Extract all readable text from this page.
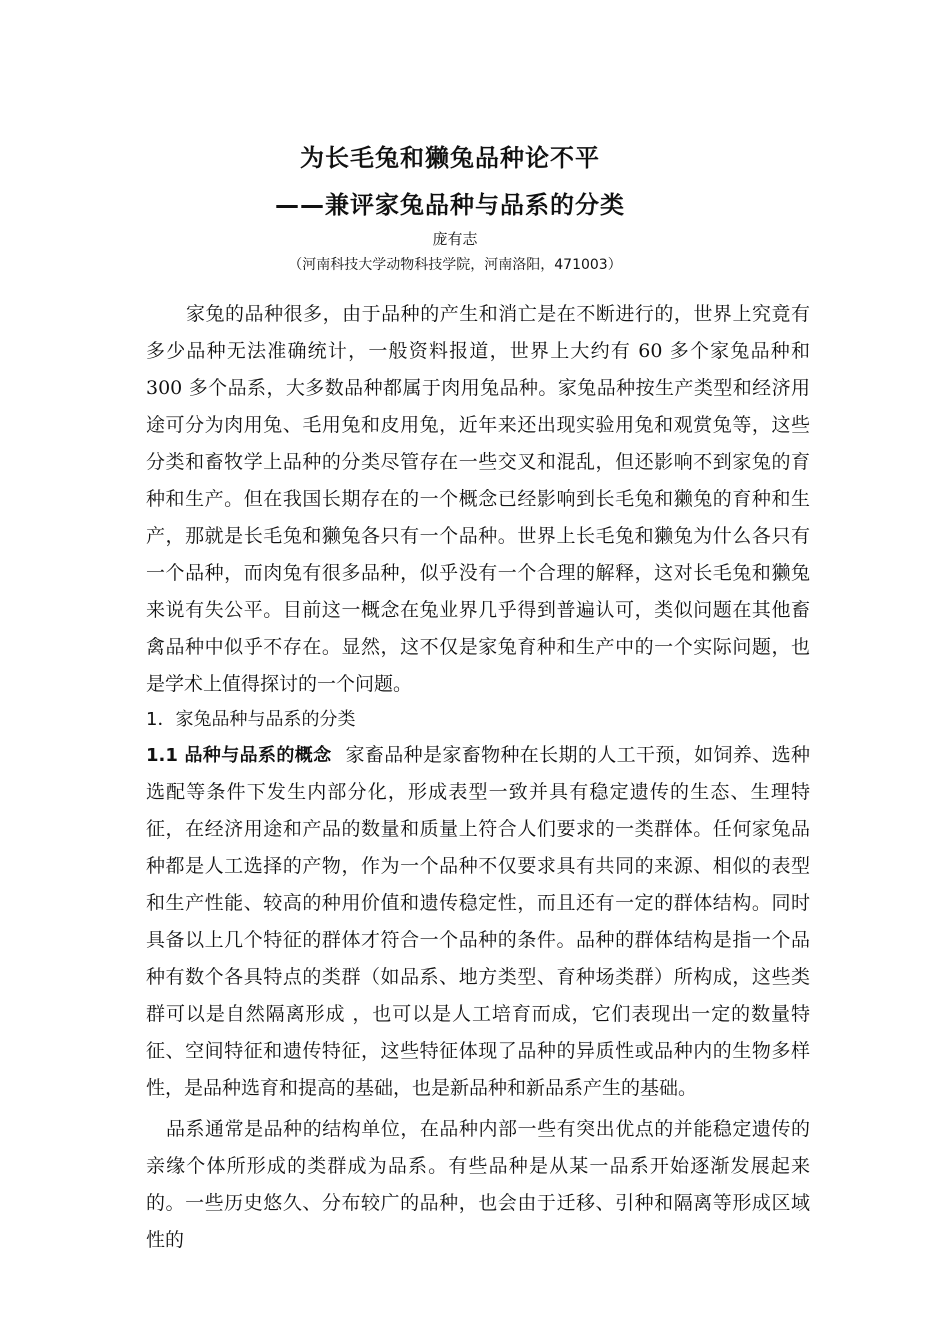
为长毛兔和獭兔品种论不平
——兼评家兔品种与品系的分类
庞有志
（河南科技大学动物科技学院，河南洛阳，471003）

家兔的品种很多，由于品种的产生和消亡是在不断进行的，世界上究竟有多少品种无法准确统计，一般资料报道，世界上大约有 60 多个家兔品种和 300 多个品系，大多数品种都属于肉用兔品种。家兔品种按生产类型和经济用途可分为肉用兔、毛用兔和皮用兔，近年来还出现实验用兔和观赏兔等，这些分类和畜牧学上品种的分类尽管存在一些交叉和混乱，但还影响不到家兔的育种和生产。但在我国长期存在的一个概念已经影响到长毛兔和獭兔的育种和生产，那就是长毛兔和獭兔各只有一个品种。世界上长毛兔和獭兔为什么各只有一个品种，而肉兔有很多品种，似乎没有一个合理的解释，这对长毛兔和獭兔来说有失公平。目前这一概念在兔业界几乎得到普遍认可，类似问题在其他畜禽品种中似乎不存在。显然，这不仅是家兔育种和生产中的一个实际问题，也是学术上值得探讨的一个问题。

1．家兔品种与品系的分类

1.1 品种与品系的概念 家畜品种是家畜物种在长期的人工干预，如饲养、选种选配等条件下发生内部分化，形成表型一致并具有稳定遗传的生态、生理特征，在经济用途和产品的数量和质量上符合人们要求的一类群体。任何家兔品种都是人工选择的产物，作为一个品种不仅要求具有共同的来源、相似的表型和生产性能、较高的种用价值和遗传稳定性，而且还有一定的群体结构。同时具备以上几个特征的群体才符合一个品种的条件。品种的群体结构是指一个品种有数个各具特点的类群（如品系、地方类型、育种场类群）所构成，这些类群可以是自然隔离形成 ，也可以是人工培育而成，它们表现出一定的数量特征、空间特征和遗传特征，这些特征体现了品种的异质性或品种内的生物多样性，是品种选育和提高的基础，也是新品种和新品系产生的基础。

品系通常是品种的结构单位，在品种内部一些有突出优点的并能稳定遗传的亲缘个体所形成的类群成为品系。有些品种是从某一品系开始逐渐发展起来的。一些历史悠久、分布较广的品种，也会由于迁移、引种和隔离等形成区域性的
